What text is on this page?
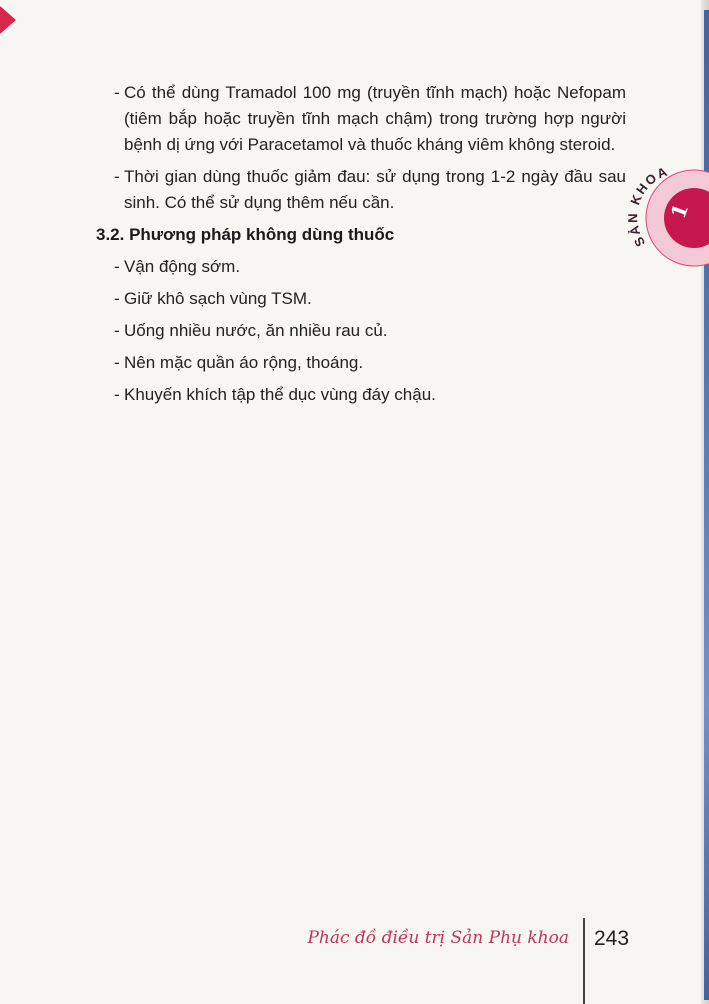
- Có thể dùng Tramadol 100 mg (truyền tĩnh mạch) hoặc Nefopam (tiêm bắp hoặc truyền tĩnh mạch chậm) trong trường hợp người bệnh dị ứng với Paracetamol và thuốc kháng viêm không steroid.
- Thời gian dùng thuốc giảm đau: sử dụng trong 1-2 ngày đầu sau sinh. Có thể sử dụng thêm nếu cần.
3.2. Phương pháp không dùng thuốc
- Vận động sớm.
- Giữ khô sạch vùng TSM.
- Uống nhiều nước, ăn nhiều rau củ.
- Nên mặc quần áo rộng, thoáng.
- Khuyến khích tập thể dục vùng đáy chậu.
S KHOA
1
Phác đồ điều trị Sản Phụ khoa 243
